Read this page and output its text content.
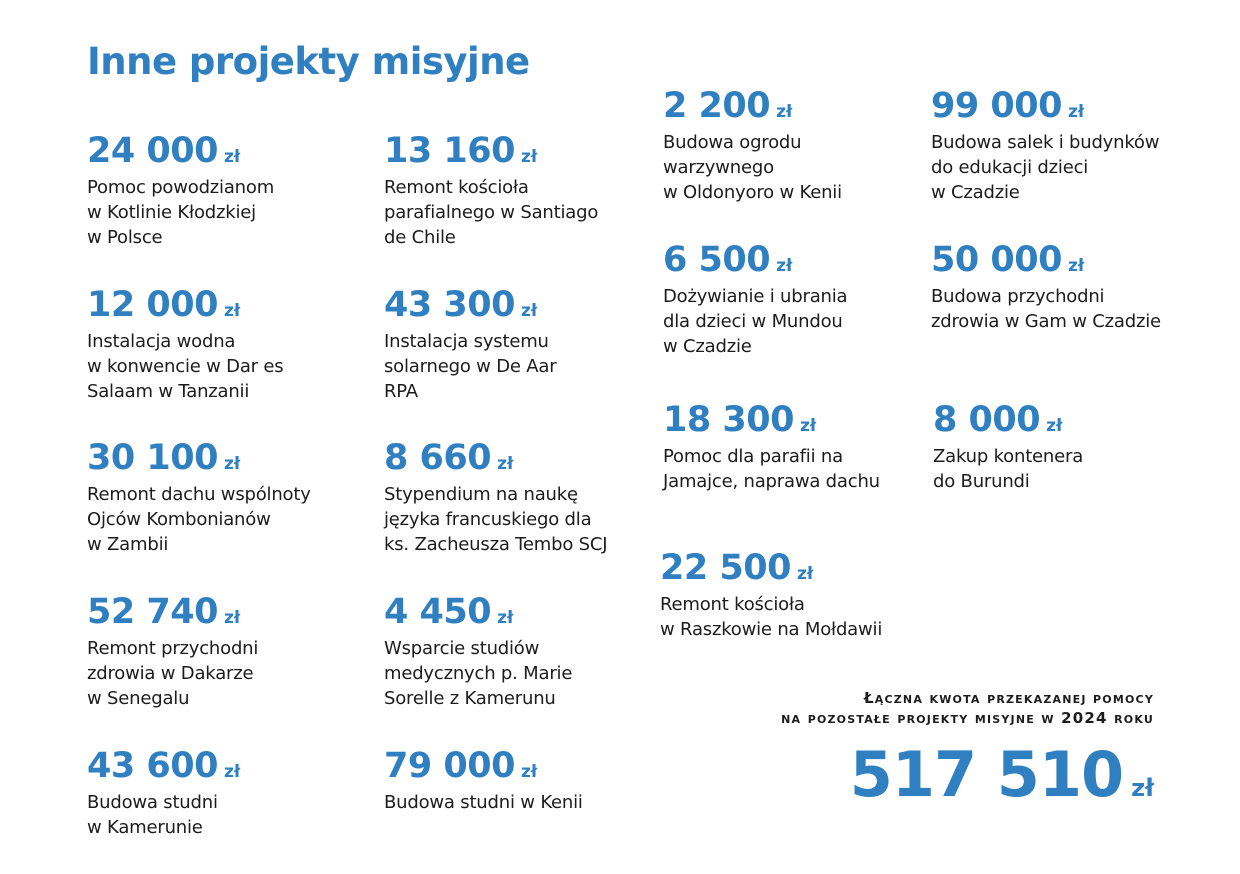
Inne projekty misyjne
24 000 zł
Pomoc powodzianom
w Kotlinie Kłodzkiej
w Polsce
12 000 zł
Instalacja wodna
w konwencie w Dar es
Salaam w Tanzanii
30 100 zł
Remont dachu wspólnoty
Ojców Kombonianów
w Zambii
52 740 zł
Remont przychodni
zdrowia w Dakarze
w Senegalu
43 600 zł
Budowa studni
w Kamerunie
13 160 zł
Remont kościoła
parafialnego w Santiago
de Chile
43 300 zł
Instalacja systemu
solarnego w De Aar
RPA
8 660 zł
Stypendium na naukę
języka francuskiego dla
ks. Zacheusza Tembo SCJ
4 450 zł
Wsparcie studiów
medycznych p. Marie
Sorelle z Kamerunu
79 000 zł
Budowa studni w Kenii
2 200 zł
Budowa ogrodu
warzywnego
w Oldonyoro w Kenii
6 500 zł
Dożywianie i ubrania
dla dzieci w Mundou
w Czadzie
18 300 zł
Pomoc dla parafii na
Jamajce, naprawa dachu
22 500 zł
Remont kościoła
w Raszkowie na Mołdawii
99 000 zł
Budowa salek i budynków
do edukacji dzieci
w Czadzie
50 000 zł
Budowa przychodni
zdrowia w Gam w Czadzie
8 000 zł
Zakup kontenera
do Burundi
Łączna kwota przekazanej pomocy
na pozostałe projekty misyjne w 2024 roku
517 510 zł
